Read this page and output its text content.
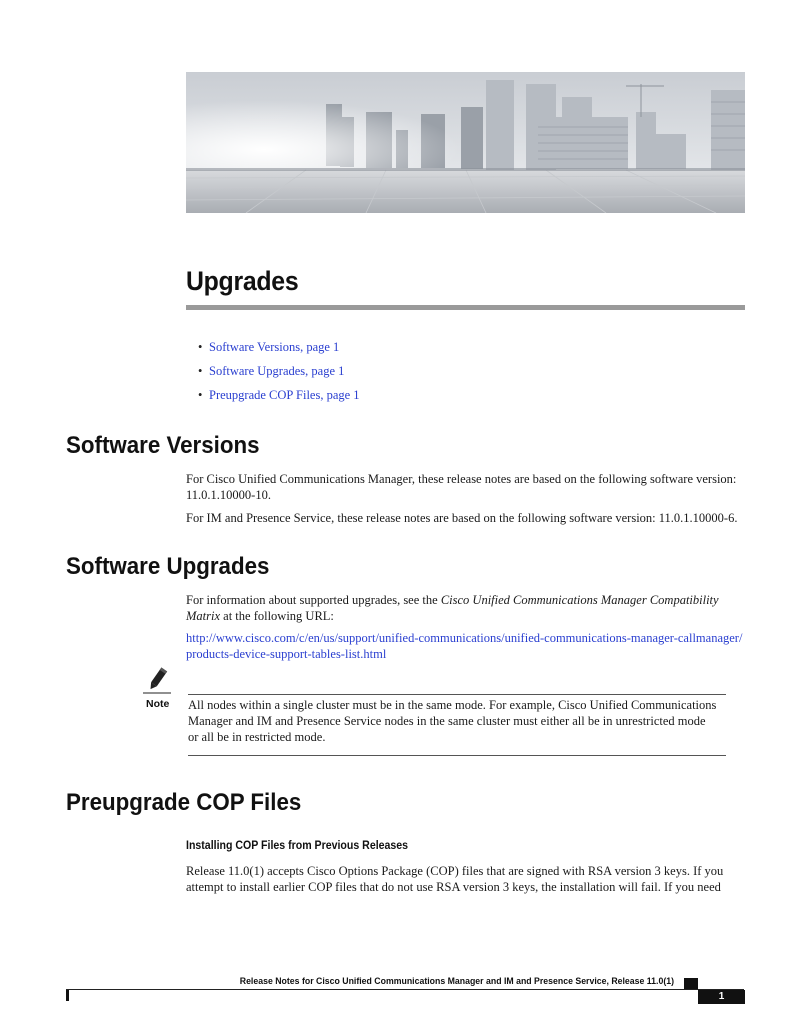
Upgrades
• Software Versions, page 1
• Software Upgrades, page 1
• Preupgrade COP Files, page 1
Software Versions
For Cisco Unified Communications Manager, these release notes are based on the following software version:
11.0.1.10000-10.
For IM and Presence Service, these release notes are based on the following software version: 11.0.1.10000-6.
Software Upgrades
For information about supported upgrades, see the Cisco Unified Communications Manager Compatibility
Matrix at the following URL:
http://www.cisco.com/c/en/us/support/unified-communications/unified-communications-manager-callmanager/
products-device-support-tables-list.html
Note All nodes within a single cluster must be in the same mode. For example, Cisco Unified Communications
Manager and IM and Presence Service nodes in the same cluster must either all be in unrestricted mode
or all be in restricted mode.
Preupgrade COP Files
Installing COP Files from Previous Releases
Release 11.0(1) accepts Cisco Options Package (COP) files that are signed with RSA version 3 keys. If you
attempt to install earlier COP files that do not use RSA version 3 keys, the installation will fail. If you need
Release Notes for Cisco Unified Communications Manager and IM and Presence Service, Release 11.0(1)
1
